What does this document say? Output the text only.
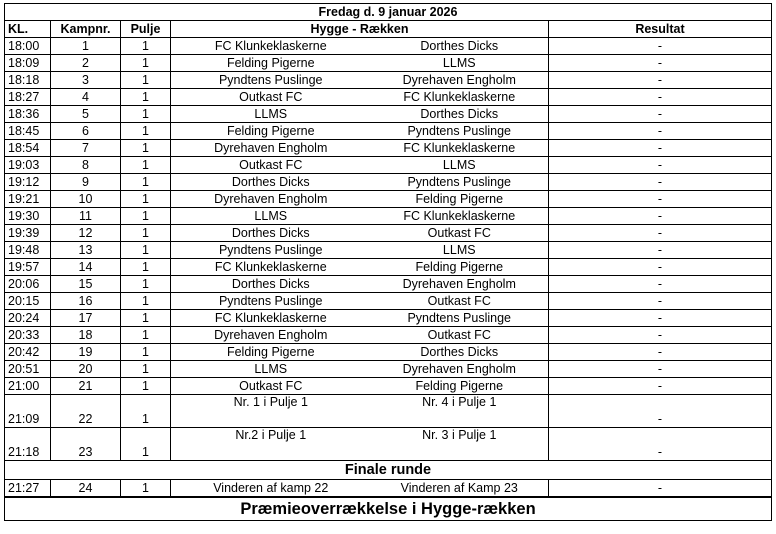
Fredag d. 9 januar 2026					
KL.	Kampnr.	Pulje	Hygge - Rækken		Resultat
18:00	1	1	FC Klunkeklaskerne	Dorthes Dicks	-
18:09	2	1	Felding Pigerne	LLMS	-
18:18	3	1	Pyndtens Puslinge	Dyrehaven Engholm	-
18:27	4	1	Outkast FC	FC Klunkeklaskerne	-
18:36	5	1	LLMS	Dorthes Dicks	-
18:45	6	1	Felding Pigerne	Pyndtens Puslinge	-
18:54	7	1	Dyrehaven Engholm	FC Klunkeklaskerne	-
19:03	8	1	Outkast FC	LLMS	-
19:12	9	1	Dorthes Dicks	Pyndtens Puslinge	-
19:21	10	1	Dyrehaven Engholm	Felding Pigerne	-
19:30	11	1	LLMS	FC Klunkeklaskerne	-
19:39	12	1	Dorthes Dicks	Outkast FC	-
19:48	13	1	Pyndtens Puslinge	LLMS	-
19:57	14	1	FC Klunkeklaskerne	Felding Pigerne	-
20:06	15	1	Dorthes Dicks	Dyrehaven Engholm	-
20:15	16	1	Pyndtens Puslinge	Outkast FC	-
20:24	17	1	FC Klunkeklaskerne	Pyndtens Puslinge	-
20:33	18	1	Dyrehaven Engholm	Outkast FC	-
20:42	19	1	Felding Pigerne	Dorthes Dicks	-
20:51	20	1	LLMS	Dyrehaven Engholm	-
21:00	21	1	Outkast FC	Felding Pigerne	-
21:09	22	1	Nr. 1 i Pulje 1	Nr. 4 i Pulje 1	-
21:18	23	1	Nr.2 i Pulje 1	Nr. 3 i Pulje 1	-
Finale runde					
21:27	24	1	Vinderen af kamp 22	Vinderen af Kamp 23	-
Præmieoverrækkelse i Hygge-rækken					
